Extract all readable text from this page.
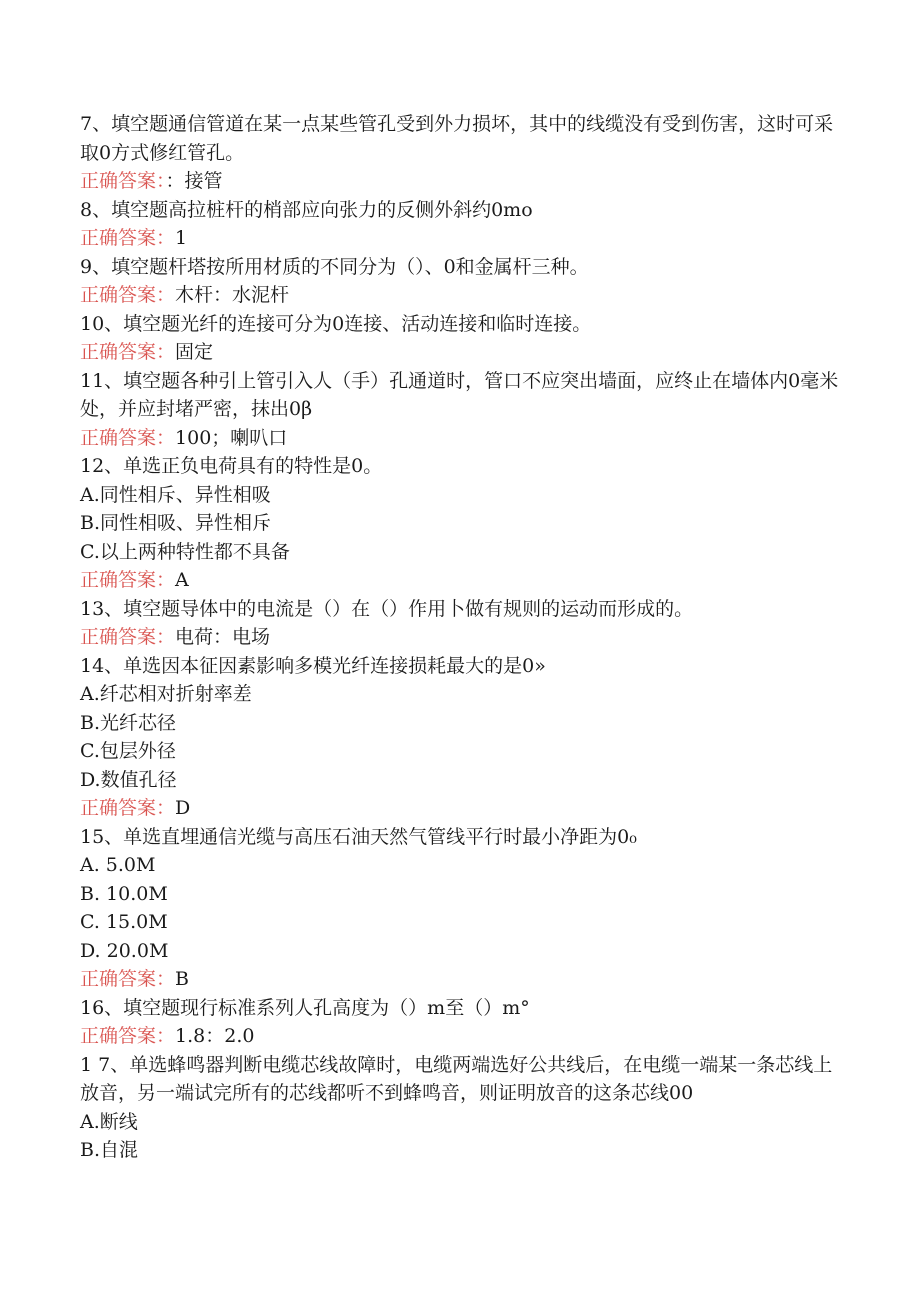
7、填空题通信管道在某一点某些管孔受到外力损坏，其中的线缆没有受到伤害，这时可采取0方式修红管孔。

正确答案：：接管

8、填空题高拉桩杆的梢部应向张力的反侧外斜约0mo

正确答案：1

9、填空题杆塔按所用材质的不同分为（）、0和金属杆三种。

正确答案：木杆：水泥杆

10、填空题光纤的连接可分为0连接、活动连接和临时连接。

正确答案：固定

11、填空题各种引上管引入人（手）孔通道时，管口不应突出墙面，应终止在墙体内0毫米处，并应封堵严密，抹出0β

正确答案：100；喇叭口

12、单选正负电荷具有的特性是0。

A.同性相斥、异性相吸

B.同性相吸、异性相斥

C.以上两种特性都不具备

正确答案：A

13、填空题导体中的电流是（）在（）作用卜做有规则的运动而形成的。

正确答案：电荷：电场

14、单选因本征因素影响多模光纤连接损耗最大的是0»

A.纤芯相对折射率差

B.光纤芯径

C.包层外径

D.数值孔径

正确答案：D

15、单选直埋通信光缆与高压石油天然气管线平行时最小净距为0₀

A. 5.0M

B. 10.0M

C. 15.0M

D. 20.0M

正确答案：B

16、填空题现行标准系列人孔高度为（）m至（）m°

正确答案：1.8：2.0

1 7、单选蜂鸣器判断电缆芯线故障时，电缆两端选好公共线后，在电缆一端某一条芯线上放音，另一端试完所有的芯线都听不到蜂鸣音，则证明放音的这条芯线00

A.断线

B.自混
